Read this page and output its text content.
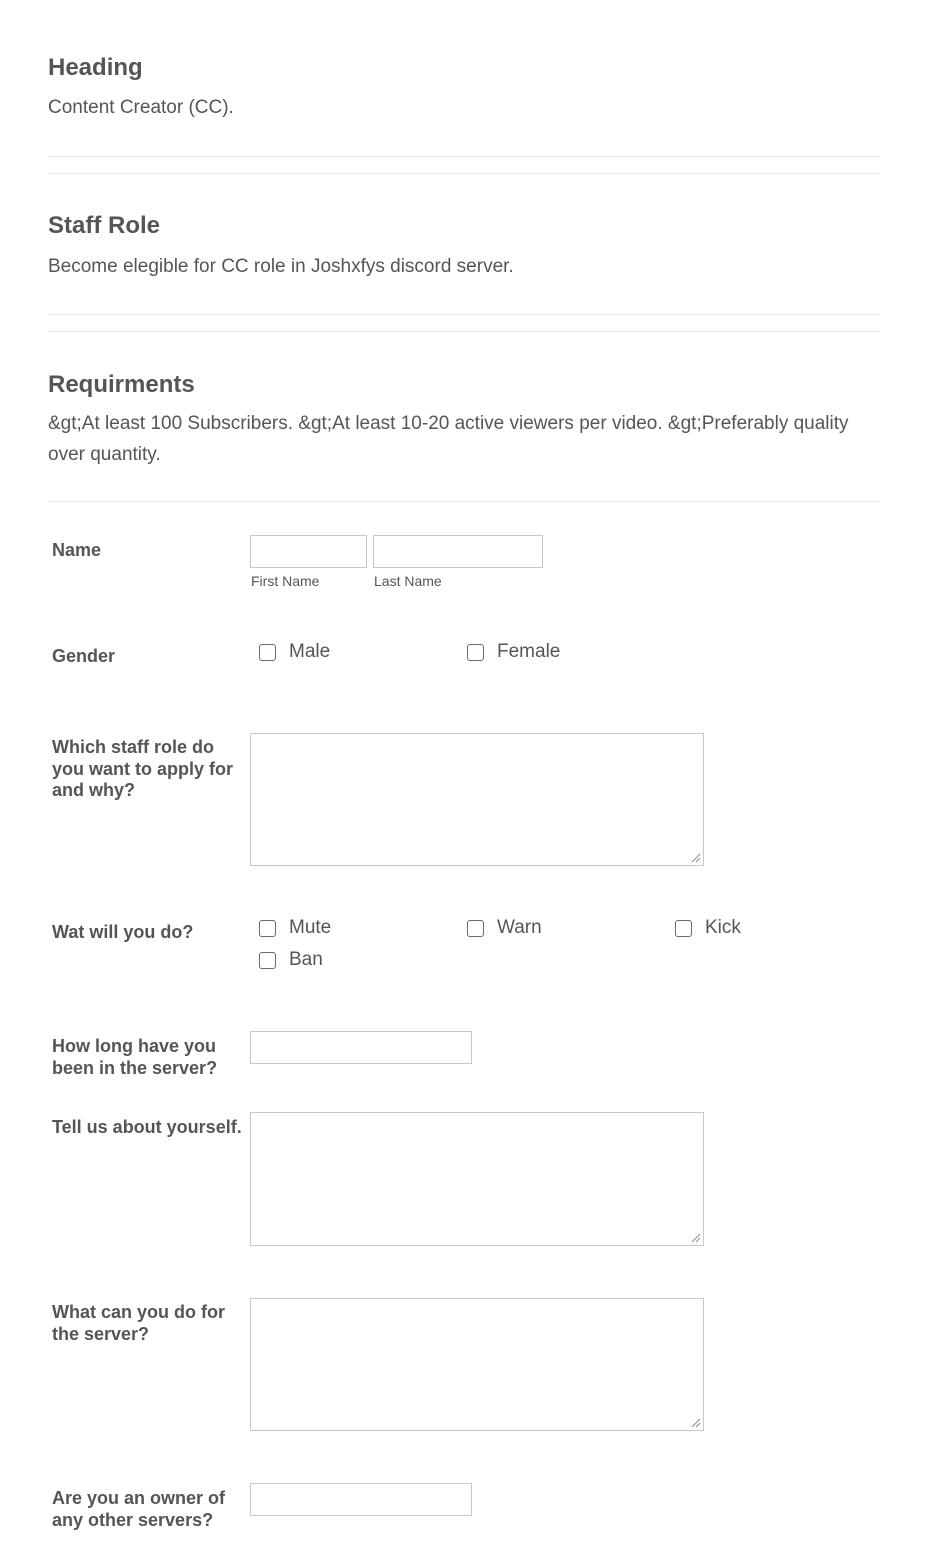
Heading

Content Creator (CC).

Staff Role

Become elegible for CC role in Joshxfys discord server.

Requirments

&gt;At least 100 Subscribers. &gt;At least 10-20 active viewers per video. &gt;Preferably quality over quantity.

Name
First Name	Last Name
Gender	Male	Female
Which staff role do you want to apply for and why?
Wat will you do?	Mute	Warn	Kick
Ban
How long have you been in the server?
Tell us about yourself.
What can you do for the server?
Are you an owner of any other servers?
